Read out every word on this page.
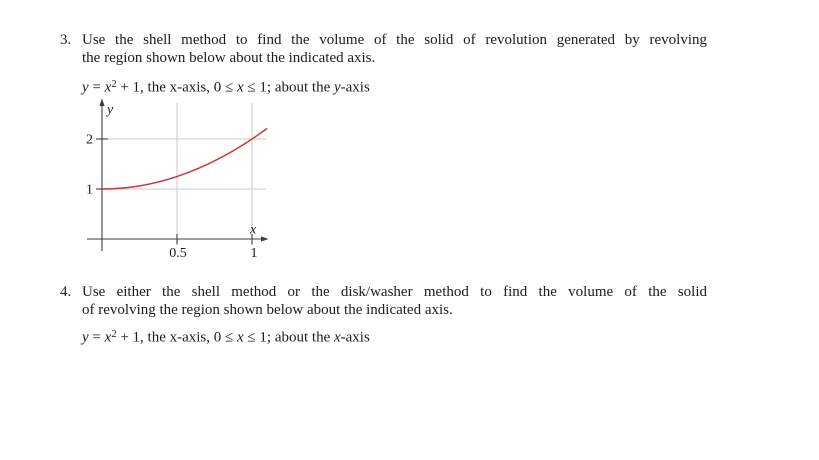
3. Use the shell method to find the volume of the solid of revolution generated by revolving
the region shown below about the indicated axis.
$y = x^2 + 1$, the x-axis, 0 ≤ x ≤ 1; about the y-axis
y
x
2
1
0.5	1
4. Use either the shell method or the disk/washer method to find the volume of the solid
of revolving the region shown below about the indicated axis.
$y = x^2 + 1$, the x-axis, 0 ≤ x ≤ 1; about the x-axis
